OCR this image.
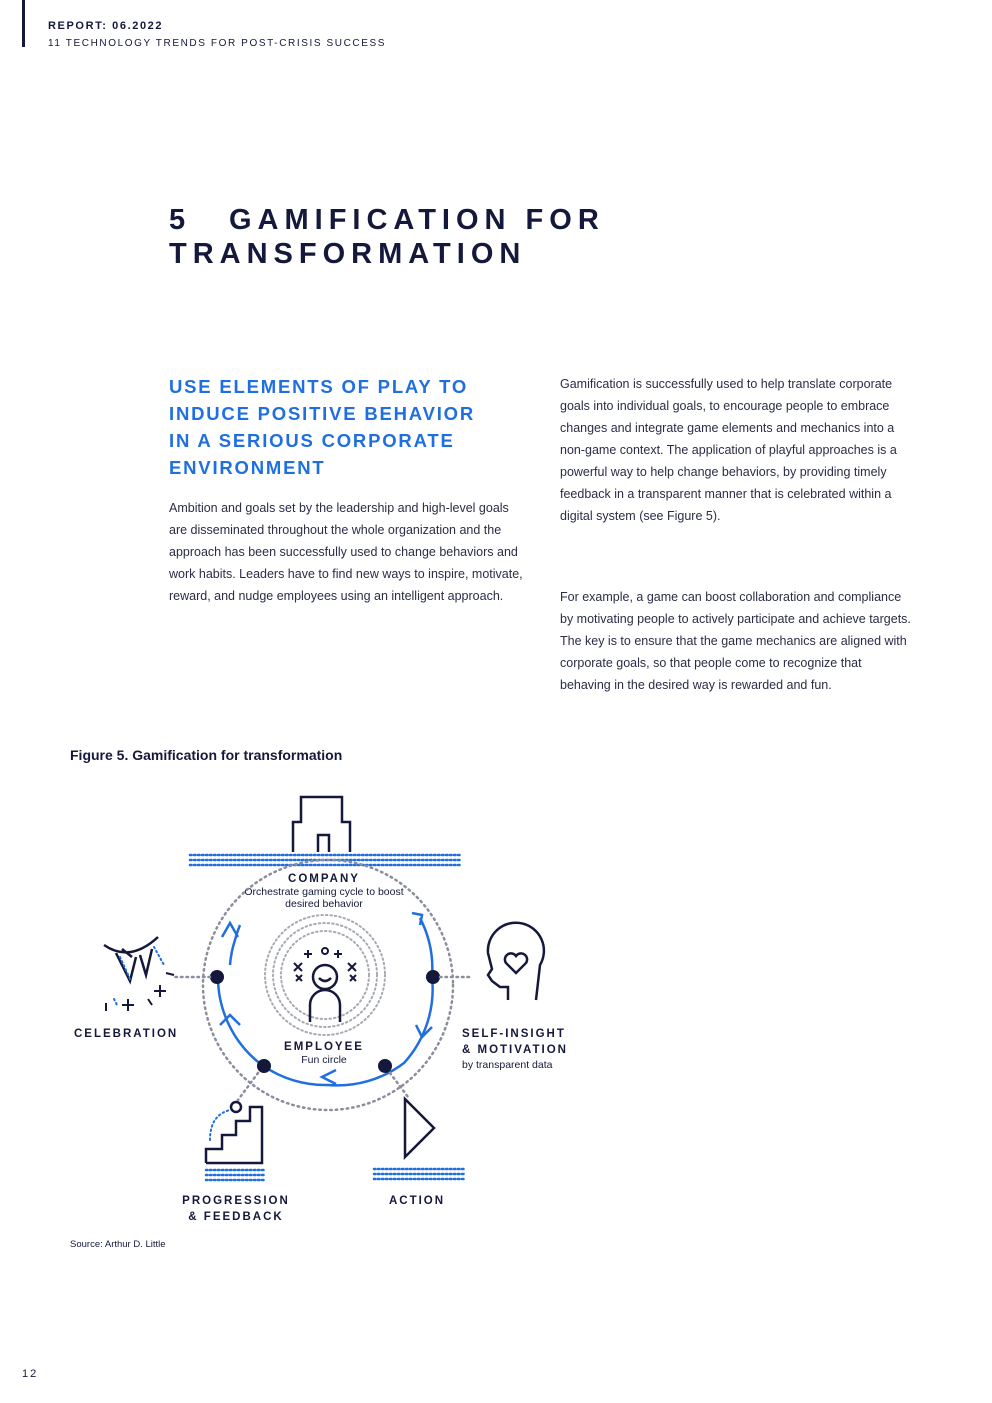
REPORT: 06.2022

11 TECHNOLOGY TRENDS FOR POST-CRISIS SUCCESS

5 GAMIFICATION FOR
TRANSFORMATION
USE ELEMENTS OF PLAY TO
INDUCE POSITIVE BEHAVIOR
IN A SERIOUS CORPORATE
ENVIRONMENT

Ambition and goals set by the leadership and high-level goals are disseminated throughout the whole organization and the approach has been successfully used to change behaviors and work habits. Leaders have to find new ways to inspire, motivate, reward, and nudge employees using an intelligent approach.

Gamification is successfully used to help translate corporate goals into individual goals, to encourage people to embrace changes and integrate game elements and mechanics into a non-game context. The application of playful approaches is a powerful way to help change behaviors, by providing timely feedback in a transparent manner that is celebrated within a digital system (see Figure 5).

For example, a game can boost collaboration and compliance by motivating people to actively participate and achieve targets. The key is to ensure that the game mechanics are aligned with corporate goals, so that people come to recognize that behaving in the desired way is rewarded and fun.

Figure 5. Gamification for transformation

COMPANY
Orchestrate gaming cycle to boost
desired behavior
EMPLOYEE
Fun circle
SELF-INSIGHT
& MOTIVATION
by transparent data
CELEBRATION
PROGRESSION
& FEEDBACK
ACTION

Source: Arthur D. Little

12
